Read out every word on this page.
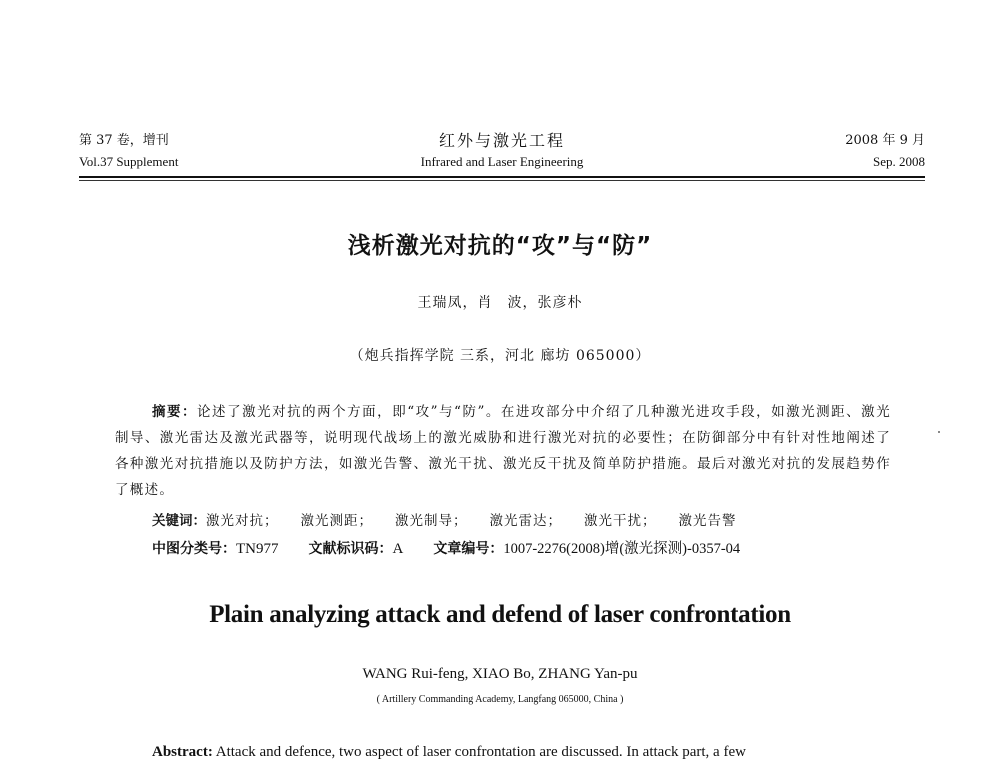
红外与激光工程
Infrared and Laser Engineering
第 37 卷，增刊
Vol.37 Supplement
2008 年 9 月
Sep. 2008
浅析激光对抗的“攻”与“防”
王瑞凤，肖　波，张彦朴
（炮兵指挥学院 三系，河北 廊坊 065000）
摘要：论述了激光对抗的两个方面，即“攻”与“防”。在进攻部分中介绍了几种激光进攻手段，如激光测距、激光制导、激光雷达及激光武器等，说明现代战场上的激光威胁和进行激光对抗的必要性；在防御部分中有针对性地阐述了各种激光对抗措施以及防护方法，如激光告警、激光干扰、激光反干扰及简单防护措施。最后对激光对抗的发展趋势作了概述。
关键词：激光对抗； 激光测距； 激光制导； 激光雷达； 激光干扰； 激光告警
中图分类号：TN977 文献标识码：A 文章编号：1007-2276(2008)增(激光探测)-0357-04
Plain analyzing attack and defend of laser confrontation
WANG Rui-feng, XIAO Bo, ZHANG Yan-pu
( Artillery Commanding Academy, Langfang 065000, China )
Abstract: Attack and defence, two aspect of laser confrontation are discussed. In attack part, a few
